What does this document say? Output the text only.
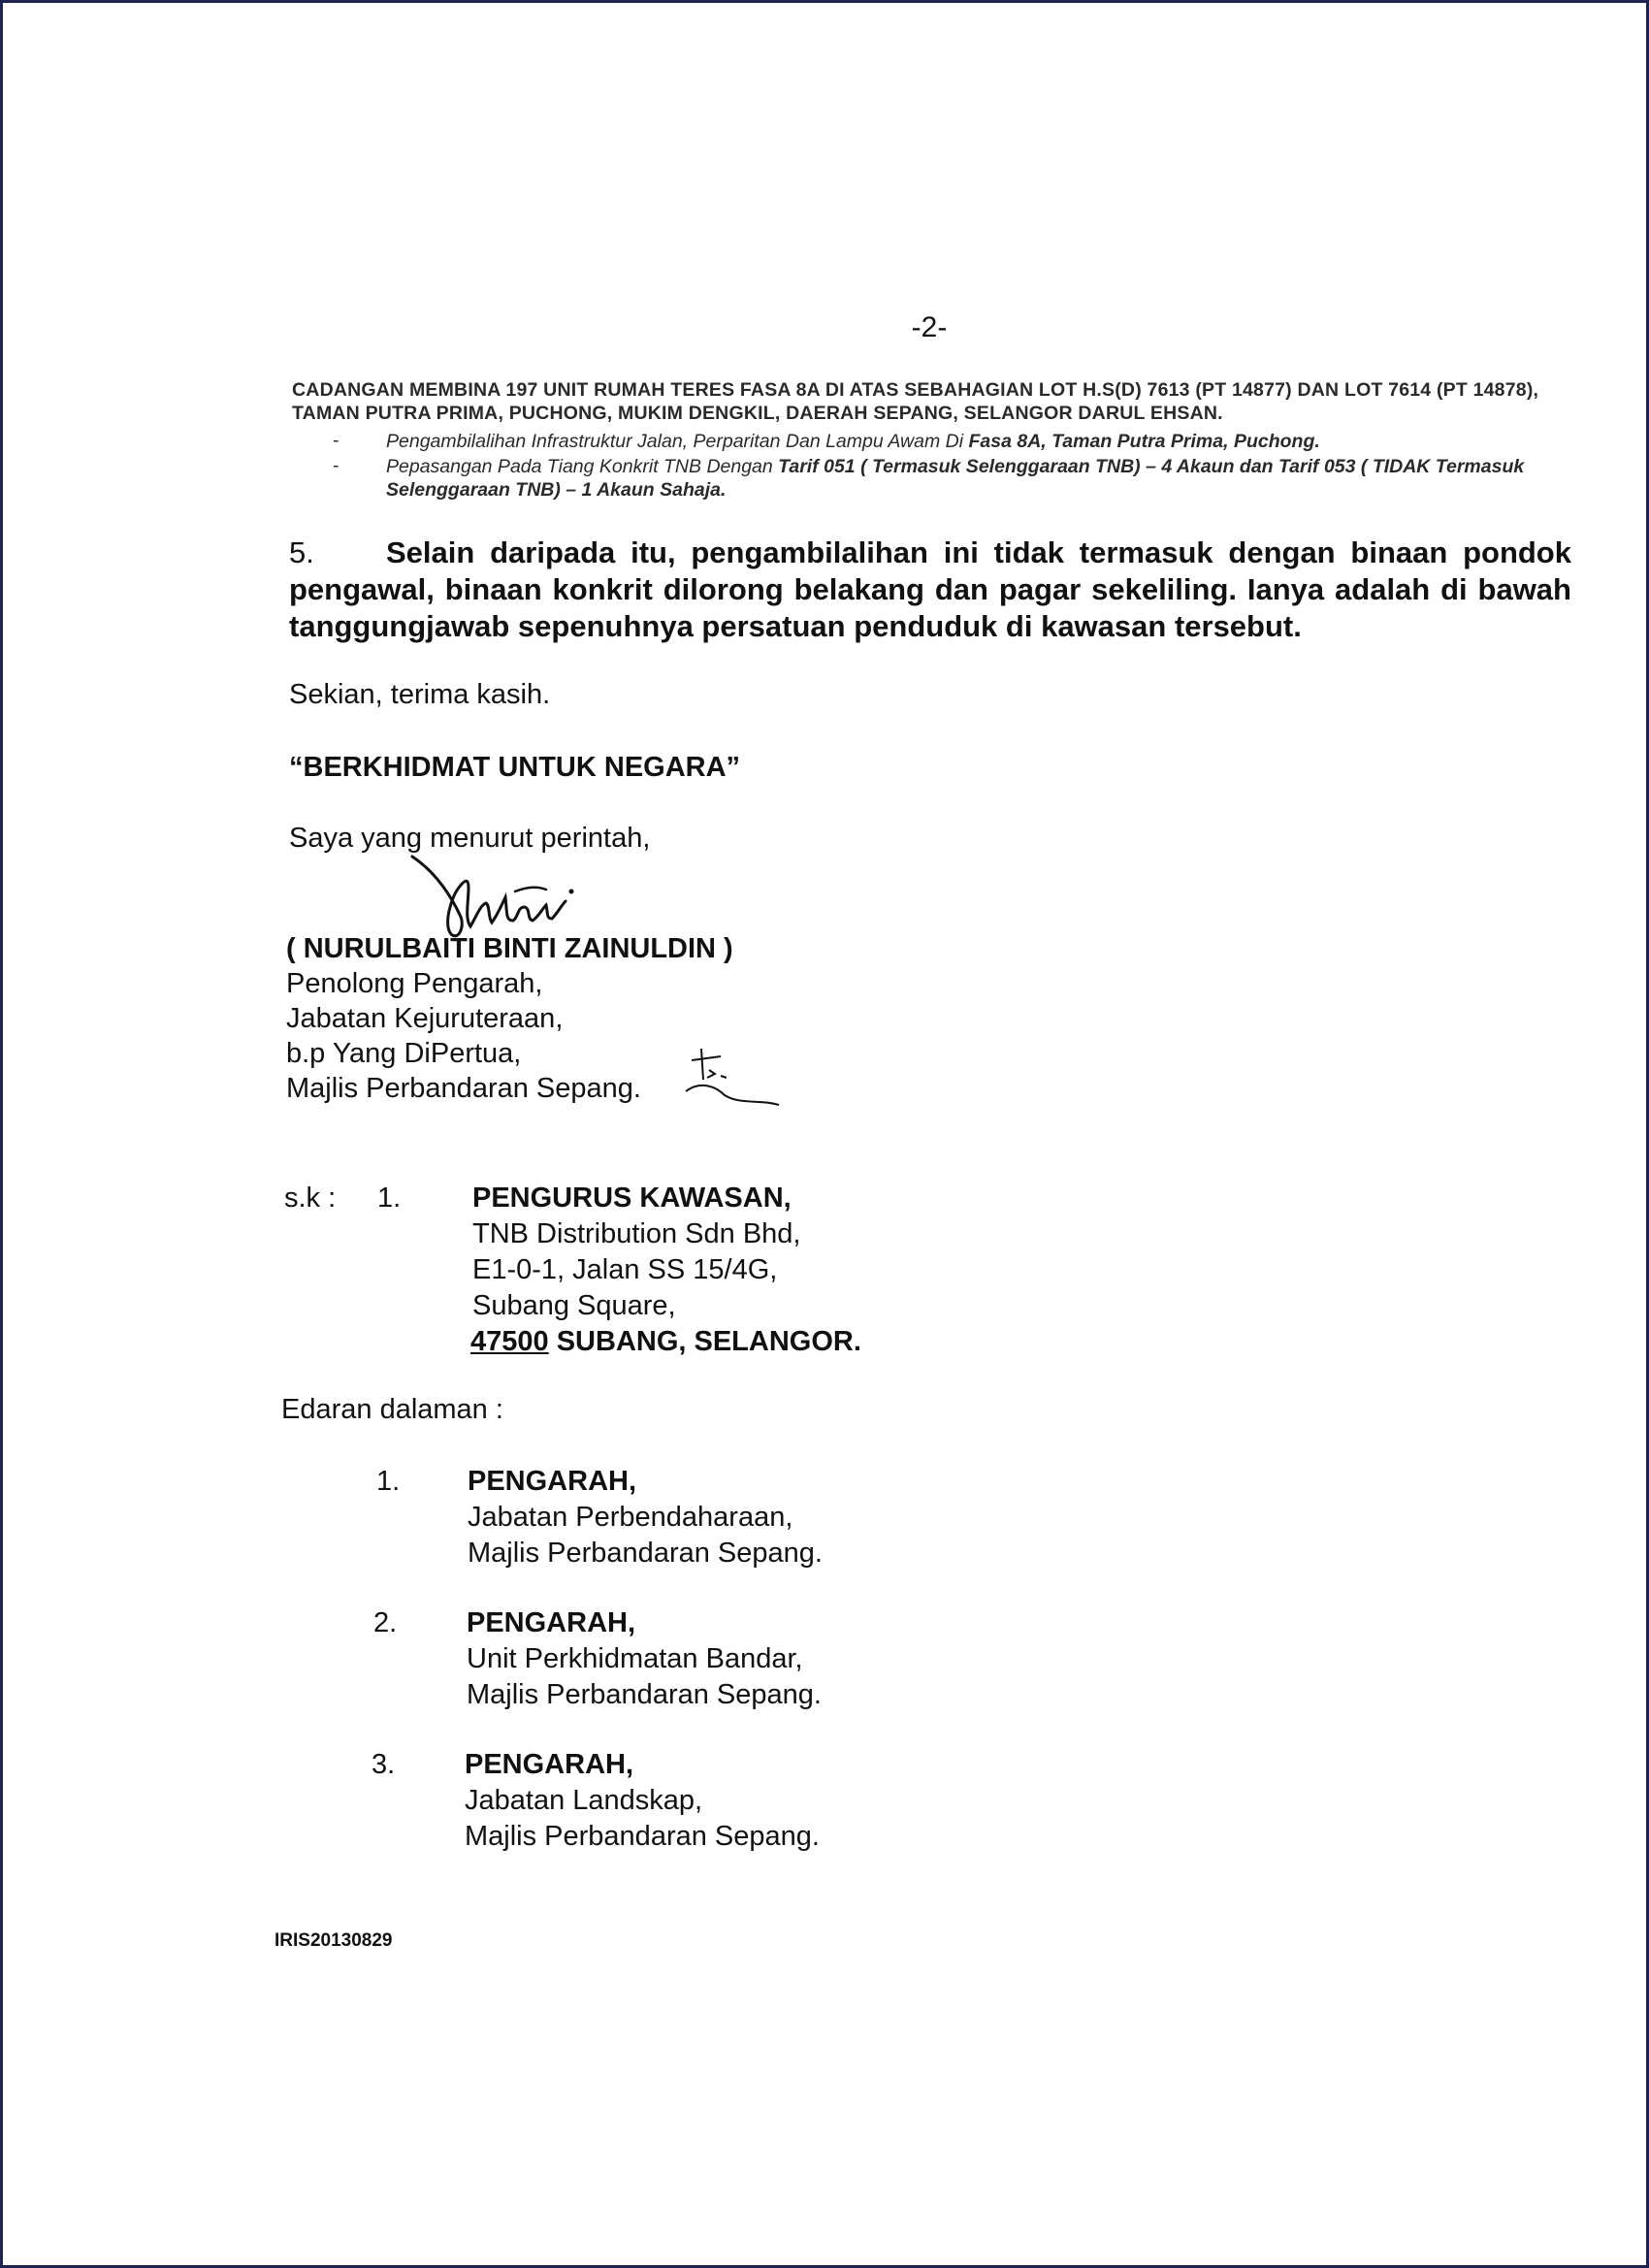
-2-
CADANGAN MEMBINA 197 UNIT RUMAH TERES FASA 8A DI ATAS SEBAHAGIAN LOT H.S(D) 7613 (PT 14877) DAN LOT 7614 (PT 14878), TAMAN PUTRA PRIMA, PUCHONG, MUKIM DENGKIL, DAERAH SEPANG, SELANGOR DARUL EHSAN.
- Pengambilalihan Infrastruktur Jalan, Perparitan Dan Lampu Awam Di Fasa 8A, Taman Putra Prima, Puchong.
- Pepasangan Pada Tiang Konkrit TNB Dengan Tarif 051 ( Termasuk Selenggaraan TNB) – 4 Akaun dan Tarif 053 ( TIDAK Termasuk Selenggaraan TNB) – 1 Akaun Sahaja.
5. Selain daripada itu, pengambilalihan ini tidak termasuk dengan binaan pondok pengawal, binaan konkrit dilorong belakang dan pagar sekeliling. Ianya adalah di bawah tanggungjawab sepenuhnya persatuan penduduk di kawasan tersebut.
Sekian, terima kasih.
“BERKHIDMAT UNTUK NEGARA”
Saya yang menurut perintah,
( NURULBAITI BINTI ZAINULDIN )
Penolong Pengarah,
Jabatan Kejuruteraan,
b.p Yang DiPertua,
Majlis Perbandaran Sepang.
s.k : 1.	PENGURUS KAWASAN,
TNB Distribution Sdn Bhd,
E1-0-1, Jalan SS 15/4G,
Subang Square,
47500 SUBANG, SELANGOR.
Edaran dalaman :
1. PENGARAH,
Jabatan Perbendaharaan,
Majlis Perbandaran Sepang.
2. PENGARAH,
Unit Perkhidmatan Bandar,
Majlis Perbandaran Sepang.
3. PENGARAH,
Jabatan Landskap,
Majlis Perbandaran Sepang.
IRIS20130829
